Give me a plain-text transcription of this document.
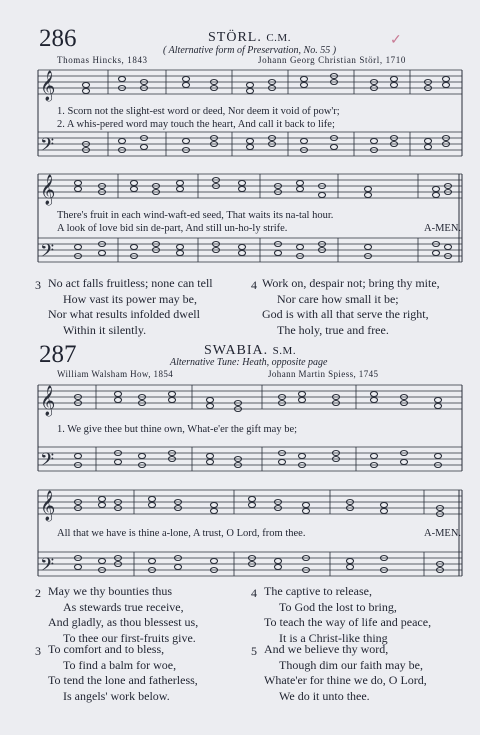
286	STÖRL. C.M.	✓
( Alternative form of Preservation, No. 55 )
Thomas Hincks, 1843	Johann Georg Christian Störl, 1710
𝄞
𝄢
1. Scorn not the slight-est word or deed, Nor deem it void of pow'r;
2. A whis-pered word may touch the heart, And call it back to life;
𝄞
𝄢
There's fruit in each wind-waft-ed seed, That waits its na-tal hour.
A look of love bid sin de-part, And still un-ho-ly strife.	A-MEN.
3 No act falls fruitless; none can tell
How vast its power may be,
Nor what results infolded dwell
Within it silently.
4 Work on, despair not; bring thy mite,
Nor care how small it be;
God is with all that serve the right,
The holy, true and free.
287	SWABIA. S.M.
Alternative Tune: Heath, opposite page
William Walsham How, 1854	Johann Martin Spiess, 1745
𝄞
𝄢
1. We give thee but thine own, What-e'er the gift may be;
𝄞
𝄢
All that we have is thine a-lone, A trust, O Lord, from thee.	A-MEN.
2 May we thy bounties thus
As stewards true receive,
And gladly, as thou blessest us,
To thee our first-fruits give.
4 The captive to release,
To God the lost to bring,
To teach the way of life and peace,
It is a Christ-like thing
3 To comfort and to bless,
To find a balm for woe,
To tend the lone and fatherless,
Is angels' work below.
5 And we believe thy word,
Though dim our faith may be,
Whate'er for thine we do, O Lord,
We do it unto thee.
